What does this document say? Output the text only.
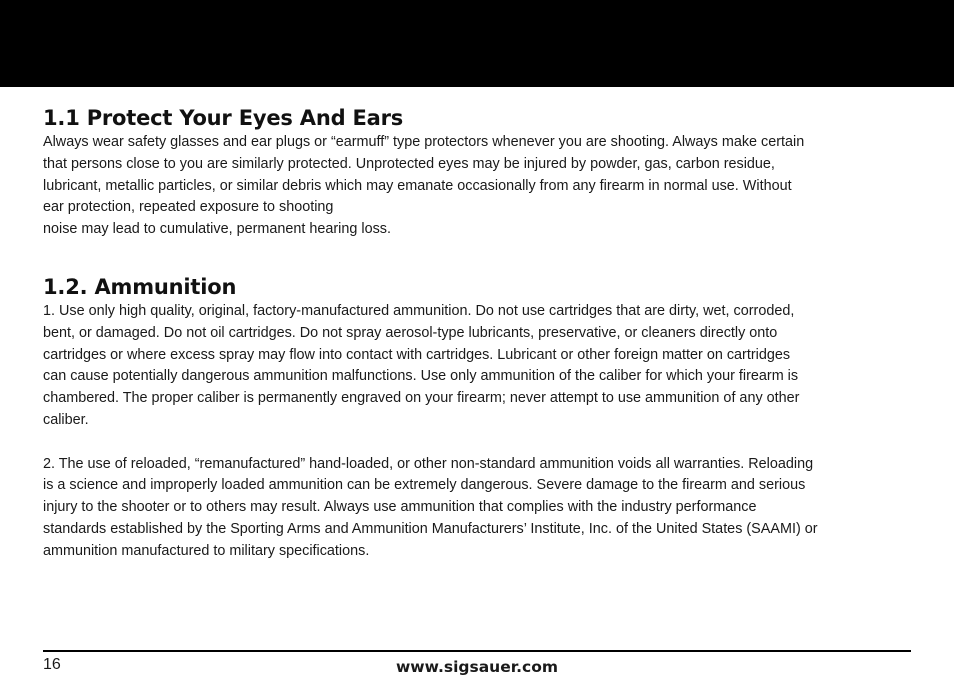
1.1 Protect Your Eyes And Ears

Always wear safety glasses and ear plugs or “earmuff” type protectors whenever you are shooting. Always make certain
that persons close to you are similarly protected. Unprotected eyes may be injured by powder, gas, carbon residue,
lubricant, metallic particles, or similar debris which may emanate occasionally from any firearm in normal use. Without
ear protection, repeated exposure to shooting
noise may lead to cumulative, permanent hearing loss.

1.2. Ammunition

1. Use only high quality, original, factory-manufactured ammunition. Do not use cartridges that are dirty, wet, corroded,
bent, or damaged. Do not oil cartridges. Do not spray aerosol-type lubricants, preservative, or cleaners directly onto
cartridges or where excess spray may flow into contact with cartridges. Lubricant or other foreign matter on cartridges
can cause potentially dangerous ammunition malfunctions. Use only ammunition of the caliber for which your firearm is
chambered. The proper caliber is permanently engraved on your firearm; never attempt to use ammunition of any other
caliber.

2. The use of reloaded, “remanufactured” hand-loaded, or other non-standard ammunition voids all warranties. Reloading
is a science and improperly loaded ammunition can be extremely dangerous. Severe damage to the firearm and serious
injury to the shooter or to others may result. Always use ammunition that complies with the industry performance
standards established by the Sporting Arms and Ammunition Manufacturers’ Institute, Inc. of the United States (SAAMI) or
ammunition manufactured to military specifications.

16	www.sigsauer.com
